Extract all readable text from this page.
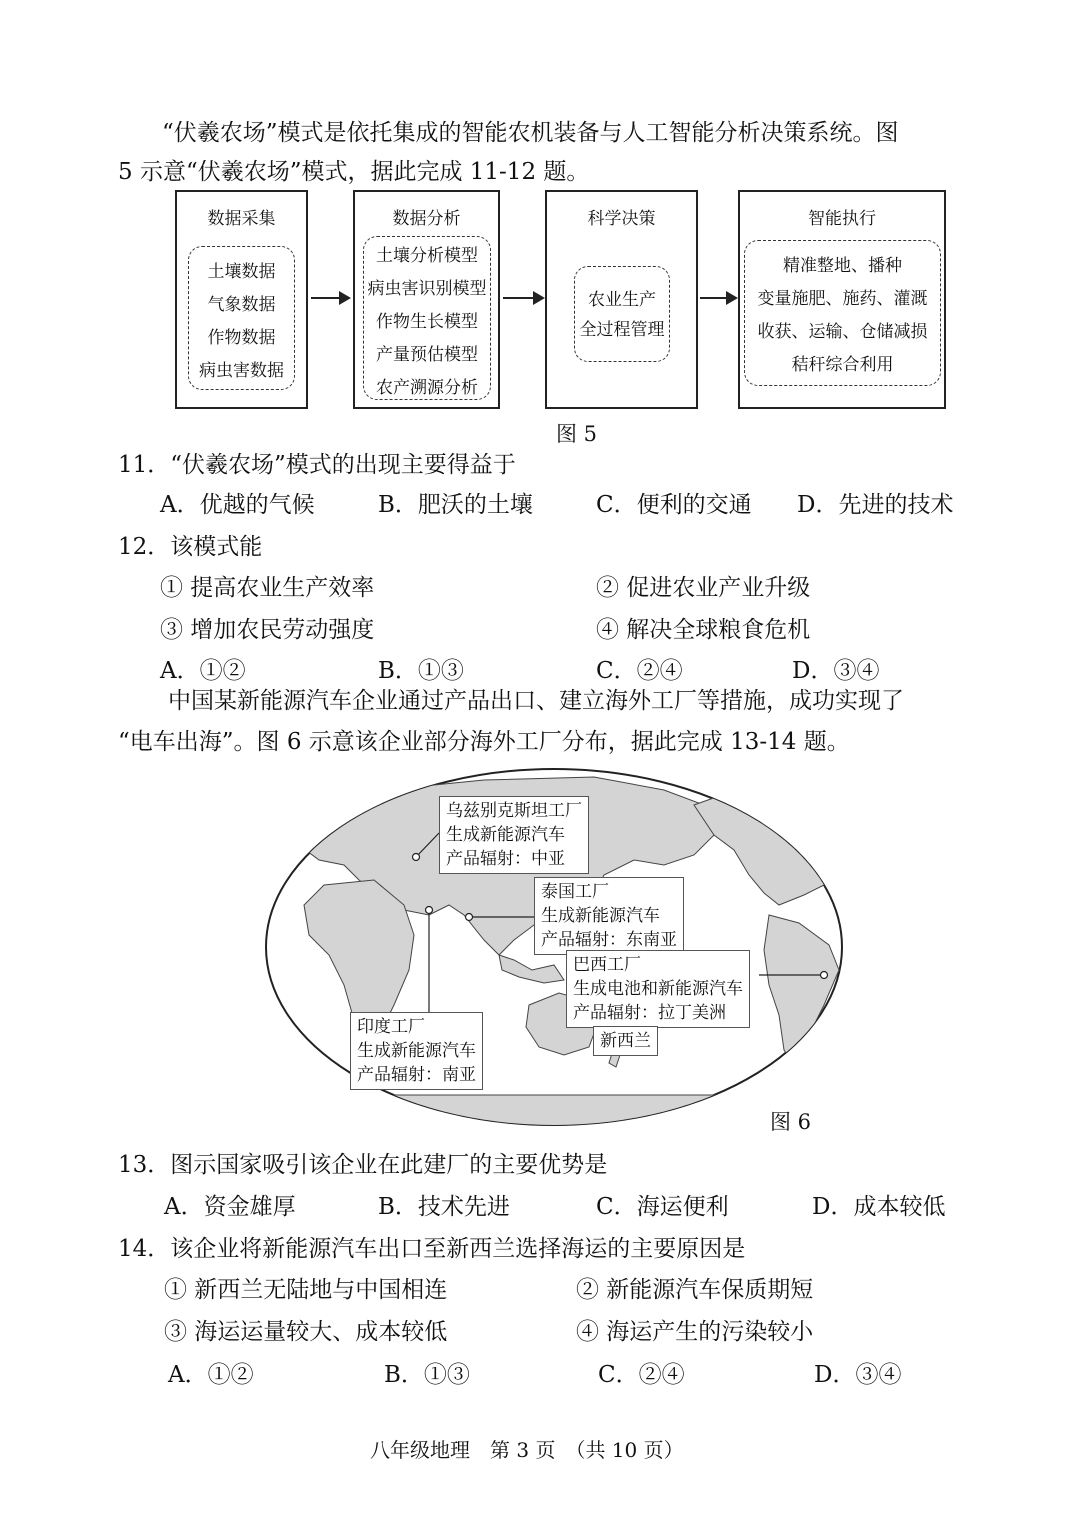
“伏羲农场”模式是依托集成的智能农机装备与人工智能分析决策系统。图
5 示意“伏羲农场”模式，据此完成 11-12 题。
数据采集
土壤数据
气象数据
作物数据
病虫害数据
数据分析
土壤分析模型
病虫害识别模型
作物生长模型
产量预估模型
农产溯源分析
科学决策
农业生产
全过程管理
智能执行
精准整地、播种
变量施肥、施药、灌溉
收获、运输、仓储减损
秸秆综合利用
图 5
11．“伏羲农场”模式的出现主要得益于
A．优越的气候	B．肥沃的土壤	C．便利的交通 D．先进的技术
12．该模式能
① 提高农业生产效率	② 促进农业产业升级
③ 增加农民劳动强度	④ 解决全球粮食危机
A．①②	B．①③	C．②④	D．③④
中国某新能源汽车企业通过产品出口、建立海外工厂等措施，成功实现了
“电车出海”。图 6 示意该企业部分海外工厂分布，据此完成 13-14 题。
乌兹别克斯坦工厂
生成新能源汽车
产品辐射：中亚
泰国工厂
生成新能源汽车
产品辐射：东南亚
巴西工厂
生成电池和新能源汽车
产品辐射：拉丁美洲
印度工厂
生成新能源汽车
产品辐射：南亚
新西兰
图 6
13．图示国家吸引该企业在此建厂的主要优势是
A．资金雄厚	B．技术先进	C．海运便利	D．成本较低
14．该企业将新能源汽车出口至新西兰选择海运的主要原因是
① 新西兰无陆地与中国相连	② 新能源汽车保质期短
③ 海运运量较大、成本较低	④ 海运产生的污染较小
A．①②	B．①③	C．②④	D．③④
八年级地理　第 3 页　（共 10 页）
